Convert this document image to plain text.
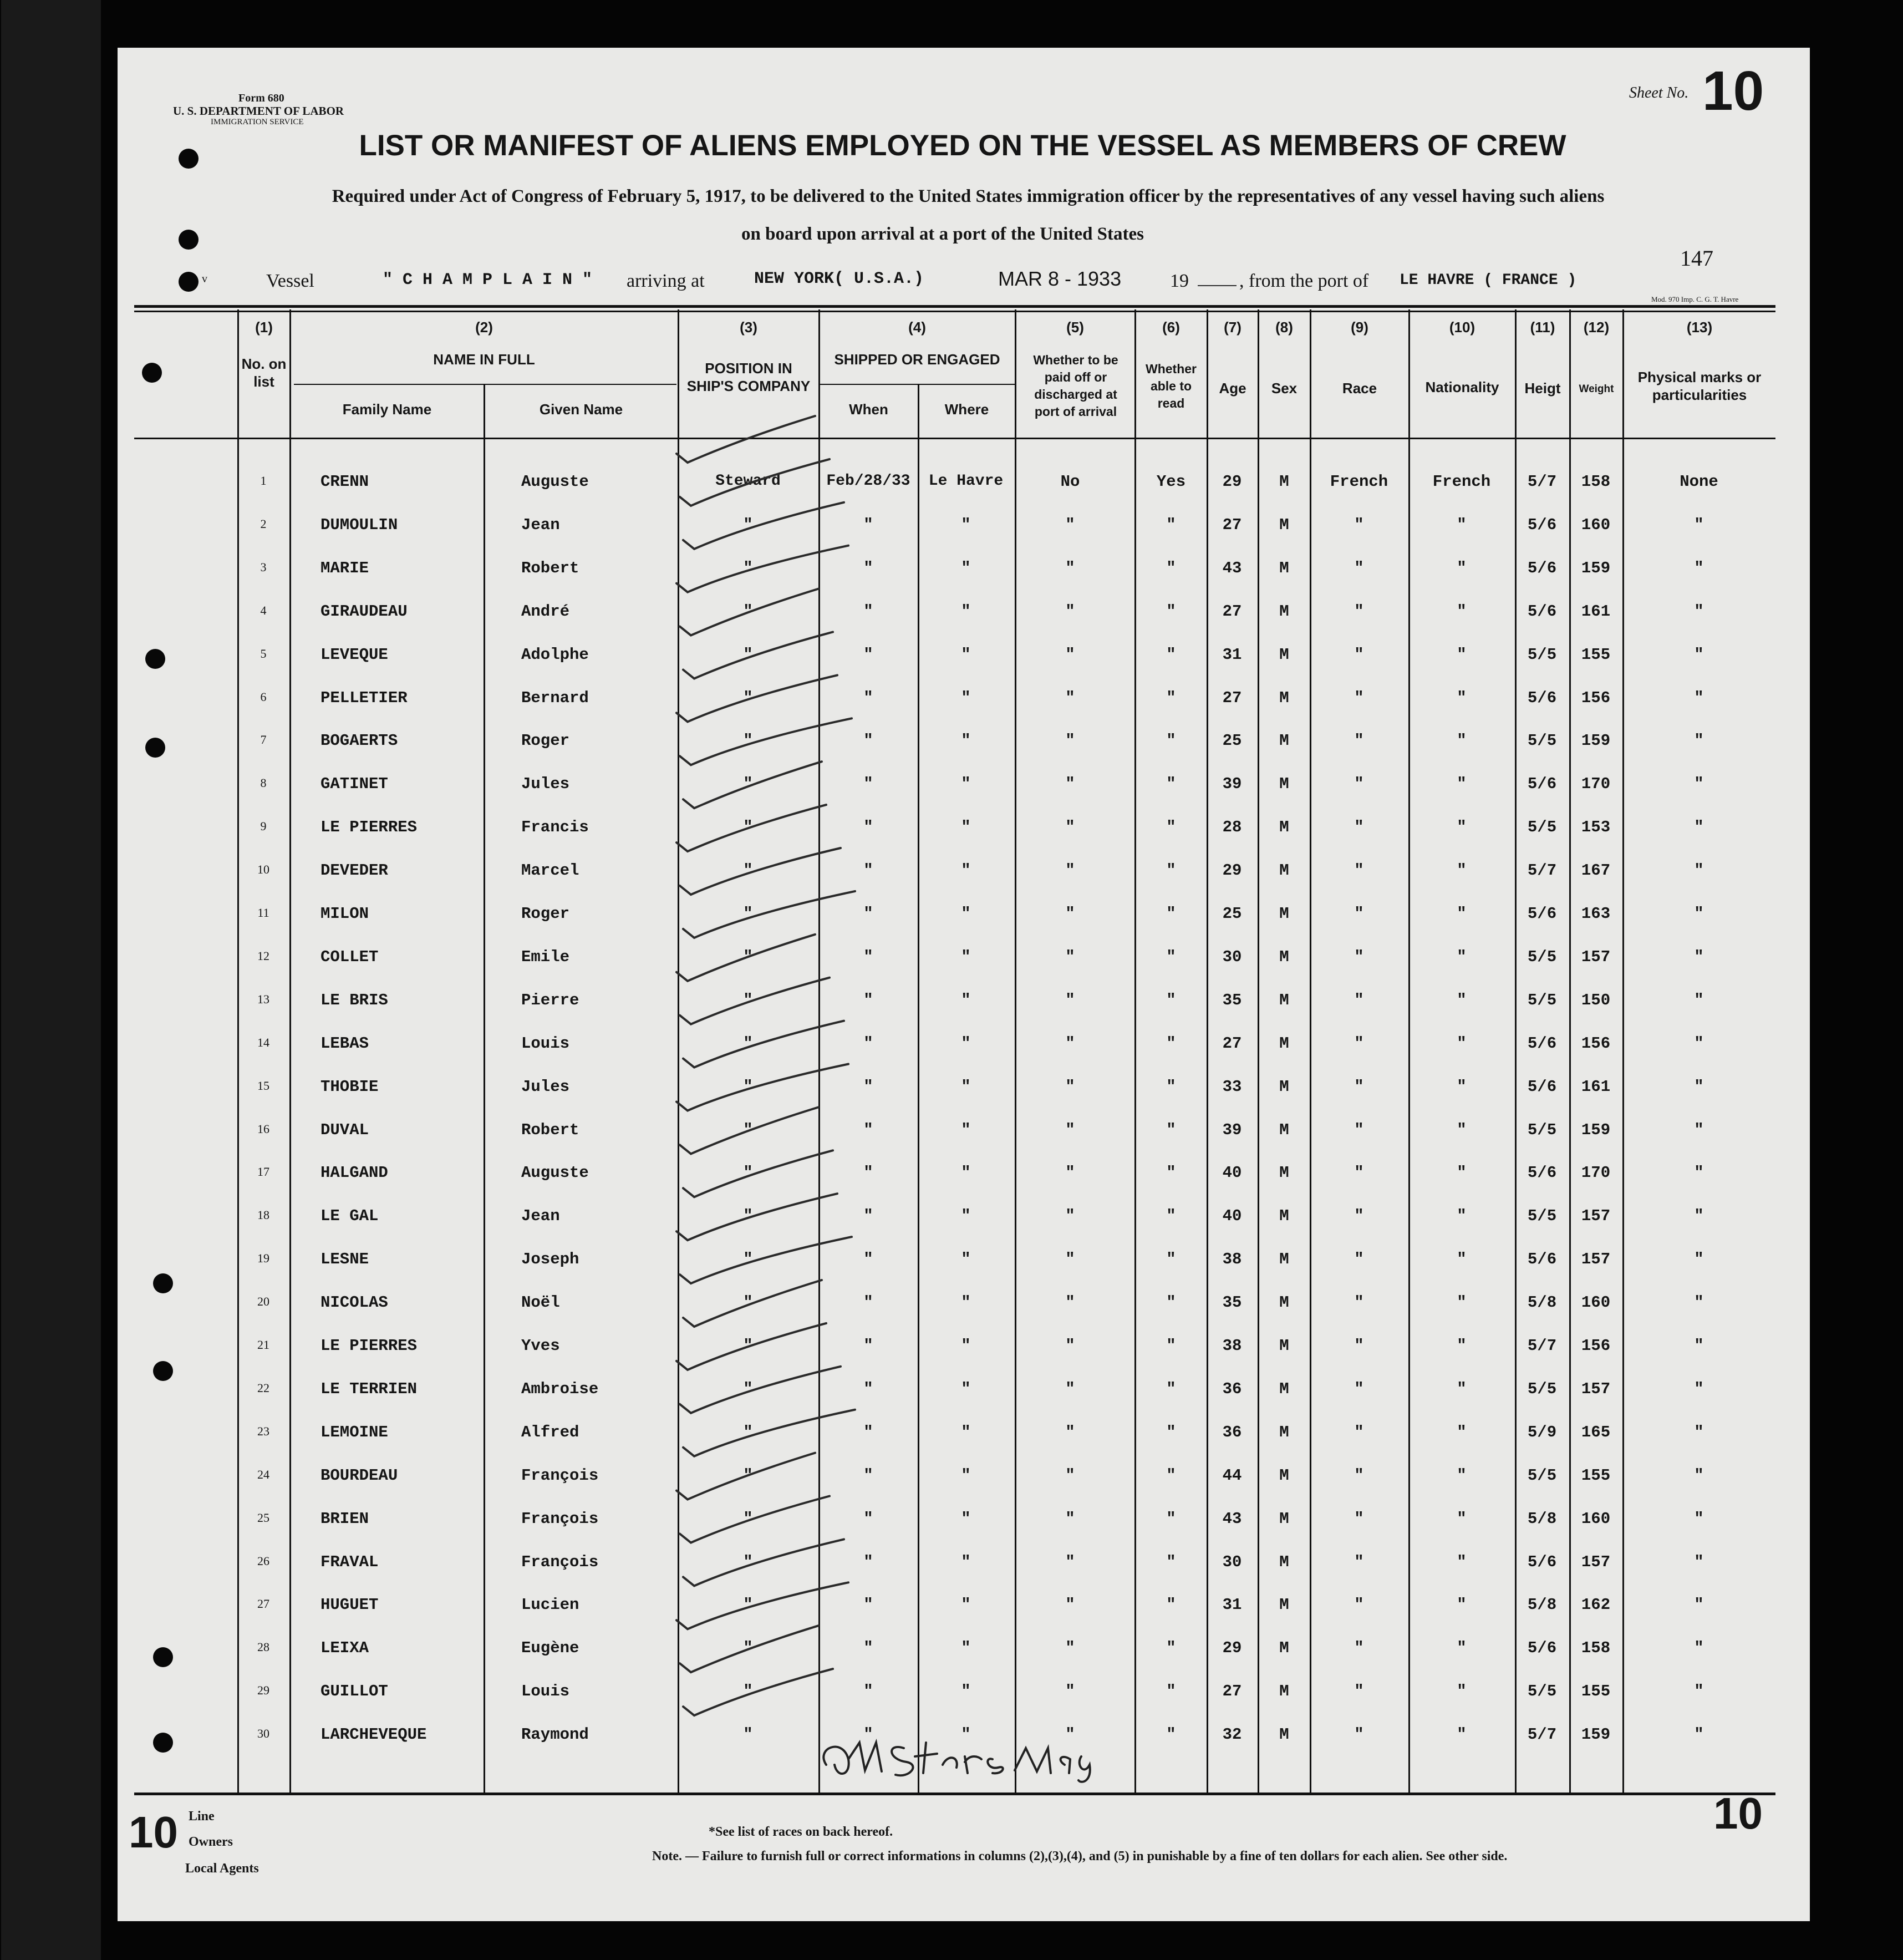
Form 680
U. S. DEPARTMENT OF LABOR
IMMIGRATION SERVICE
Sheet No. 10
LIST OR MANIFEST OF ALIENS EMPLOYED ON THE VESSEL AS MEMBERS OF CREW
Required under Act of Congress of February 5, 1917, to be delivered to the United States immigration officer by the representatives of any vessel having such aliens
on board upon arrival at a port of the United States
147
v	Vessel	" C H A M P L A I N " arriving at	NEW YORK( U.S.A.)	MAR 8 - 1933	19	, from the port of LE HAVRE ( FRANCE )
Mod. 970 Imp. C. G. T. Havre
(1)
No. on list
(2)
NAME IN FULL
Family Name	Given Name
(3)
POSITION IN SHIP'S COMPANY
(4)
SHIPPED OR ENGAGED
When	Where
(5)
Whether to be paid off or discharged at port of arrival
(6)
Whether able to read
(7)
Age
(8)
Sex
(9)
Race
(10)
Nationality
(11)
Heigt
(12)
Weight
(13)
Physical marks or particularities
1	CRENN	Auguste	Steward	Feb/28/33	Le Havre	No	Yes	29	M	French	French	5/7	158	None
2	DUMOULIN	Jean	"	"	"	"	"	27	M	"	"	5/6	160	"
3	MARIE	Robert	"	"	"	"	"	43	M	"	"	5/6	159	"
4	GIRAUDEAU	André	"	"	"	"	"	27	M	"	"	5/6	161	"
5	LEVEQUE	Adolphe	"	"	"	"	"	31	M	"	"	5/5	155	"
6	PELLETIER	Bernard	"	"	"	"	"	27	M	"	"	5/6	156	"
7	BOGAERTS	Roger	"	"	"	"	"	25	M	"	"	5/5	159	"
8	GATINET	Jules	"	"	"	"	"	39	M	"	"	5/6	170	"
9	LE PIERRES	Francis	"	"	"	"	"	28	M	"	"	5/5	153	"
10	DEVEDER	Marcel	"	"	"	"	"	29	M	"	"	5/7	167	"
11	MILON	Roger	"	"	"	"	"	25	M	"	"	5/6	163	"
12	COLLET	Emile	"	"	"	"	"	30	M	"	"	5/5	157	"
13	LE BRIS	Pierre	"	"	"	"	"	35	M	"	"	5/5	150	"
14	LEBAS	Louis	"	"	"	"	"	27	M	"	"	5/6	156	"
15	THOBIE	Jules	"	"	"	"	"	33	M	"	"	5/6	161	"
16	DUVAL	Robert	"	"	"	"	"	39	M	"	"	5/5	159	"
17	HALGAND	Auguste	"	"	"	"	"	40	M	"	"	5/6	170	"
18	LE GAL	Jean	"	"	"	"	"	40	M	"	"	5/5	157	"
19	LESNE	Joseph	"	"	"	"	"	38	M	"	"	5/6	157	"
20	NICOLAS	Noël	"	"	"	"	"	35	M	"	"	5/8	160	"
21	LE PIERRES	Yves	"	"	"	"	"	38	M	"	"	5/7	156	"
22	LE TERRIEN	Ambroise	"	"	"	"	"	36	M	"	"	5/5	157	"
23	LEMOINE	Alfred	"	"	"	"	"	36	M	"	"	5/9	165	"
24	BOURDEAU	François	"	"	"	"	"	44	M	"	"	5/5	155	"
25	BRIEN	François	"	"	"	"	"	43	M	"	"	5/8	160	"
26	FRAVAL	François	"	"	"	"	"	30	M	"	"	5/6	157	"
27	HUGUET	Lucien	"	"	"	"	"	31	M	"	"	5/8	162	"
28	LEIXA	Eugène	"	"	"	"	"	29	M	"	"	5/6	158	"
29	GUILLOT	Louis	"	"	"	"	"	27	M	"	"	5/5	155	"
30	LARCHEVEQUE	Raymond	"	"	"	"	"	32	M	"	"	5/7	159	"
10	10
Line
Owners
Local Agents
*See list of races on back hereof.
Note. — Failure to furnish full or correct informations in columns (2),(3),(4), and (5) in punishable by a fine of ten dollars for each alien. See other side.
